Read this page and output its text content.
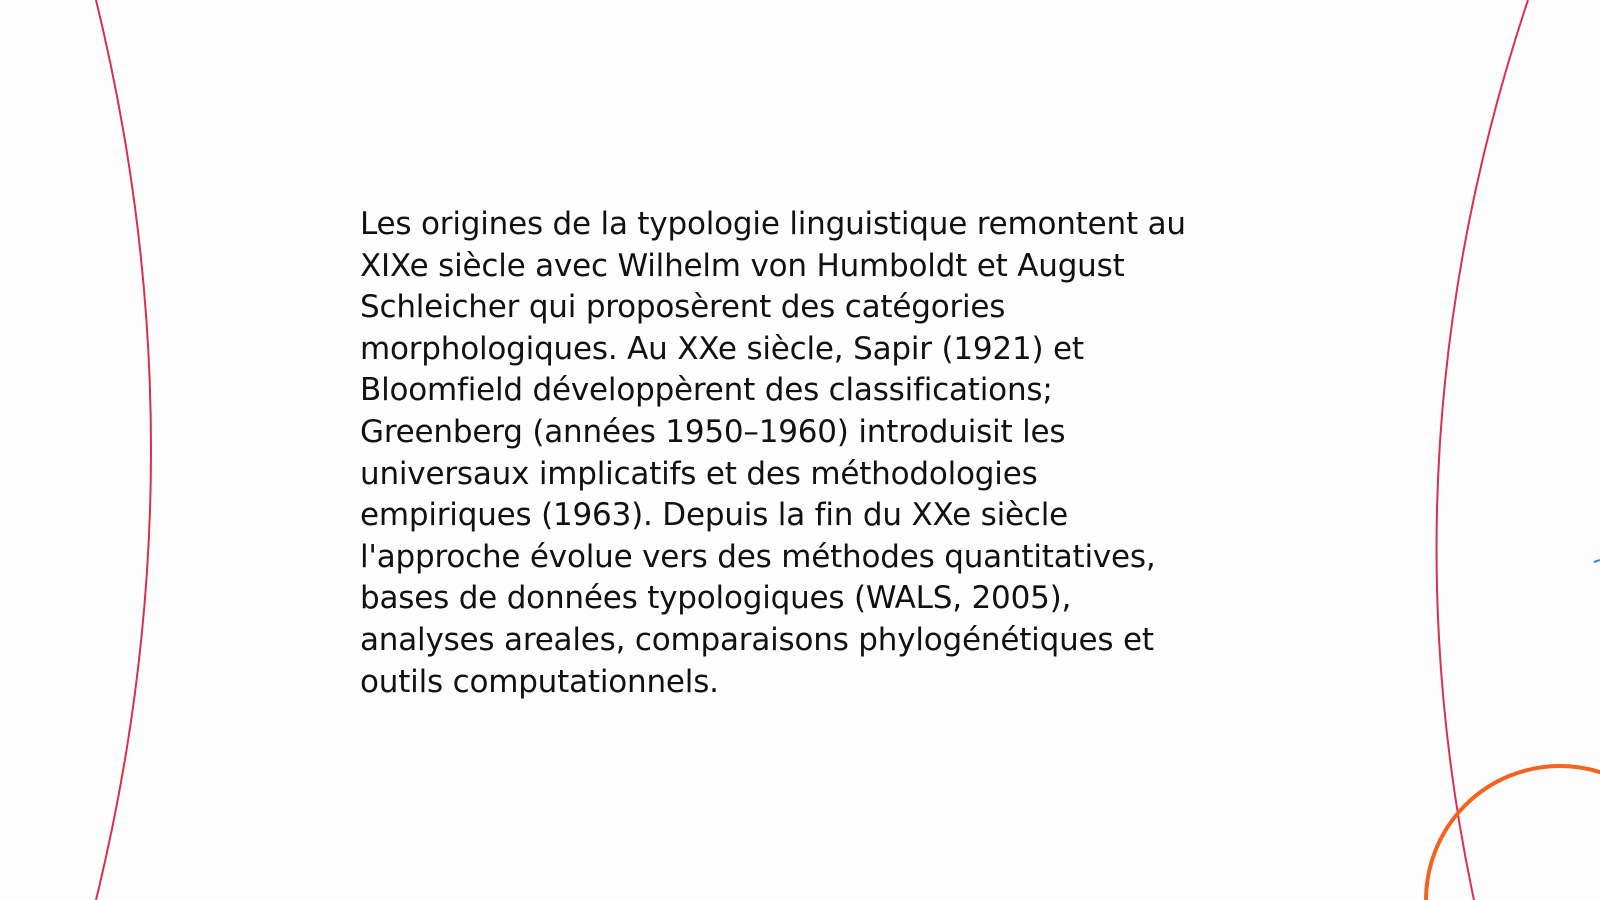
Les origines de la typologie linguistique remontent au
XIXe siècle avec Wilhelm von Humboldt et August
Schleicher qui proposèrent des catégories
morphologiques. Au XXe siècle, Sapir (1921) et
Bloomfield développèrent des classifications;
Greenberg (années 1950–1960) introduisit les
universaux implicatifs et des méthodologies
empiriques (1963). Depuis la fin du XXe siècle
l'approche évolue vers des méthodes quantitatives,
bases de données typologiques (WALS, 2005),
analyses areales, comparaisons phylogénétiques et
outils computationnels.
